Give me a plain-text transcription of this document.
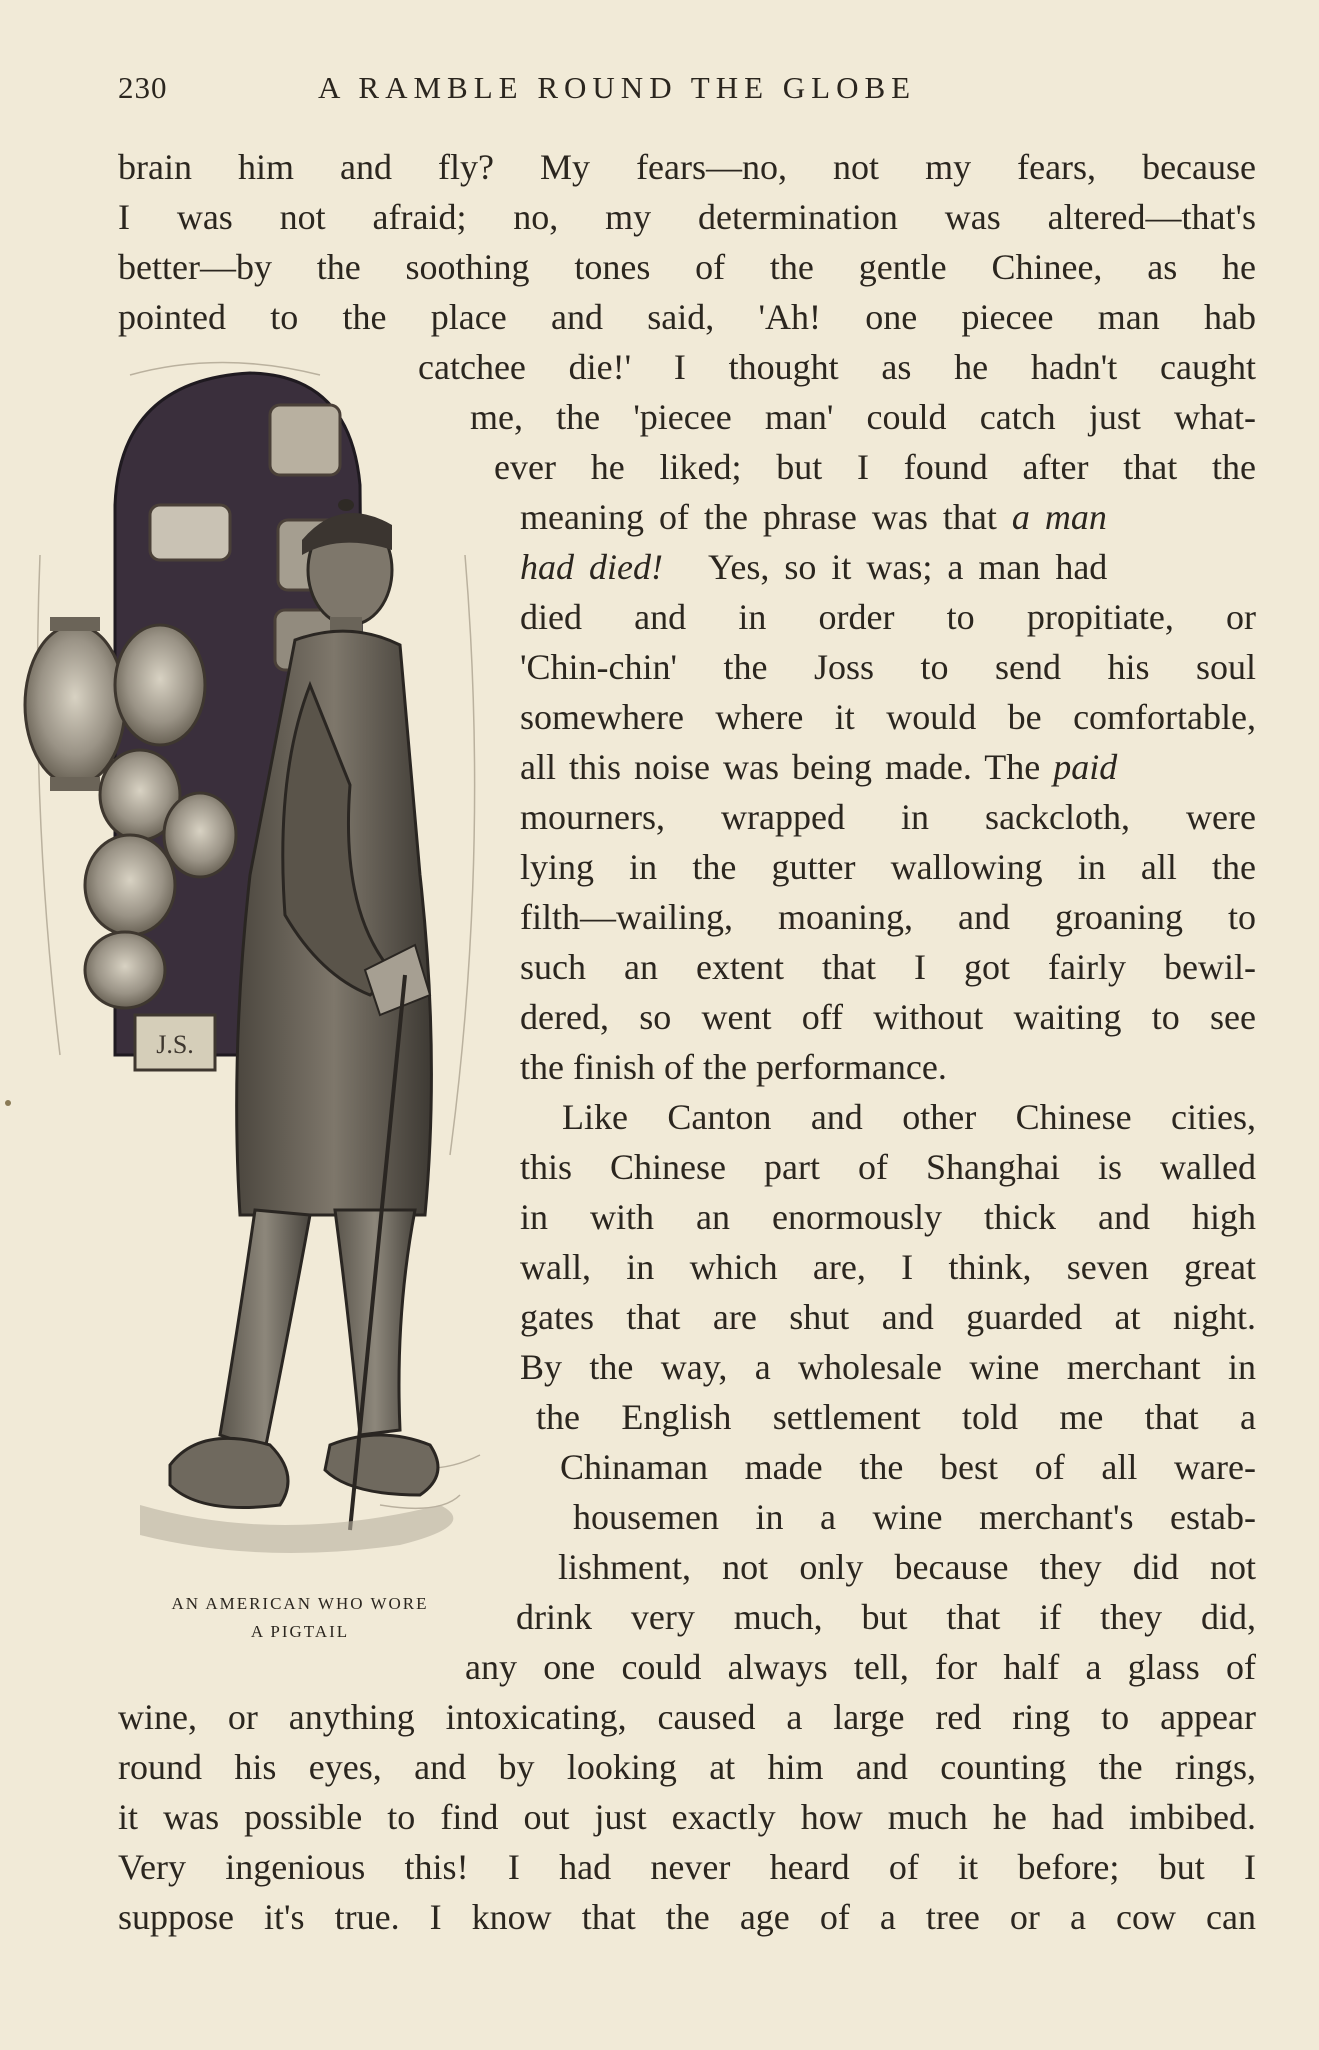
230	A RAMBLE ROUND THE GLOBE
brain him and fly? My fears—no, not my fears, because
I was not afraid; no, my determination was altered—that's
better—by the soothing tones of the gentle Chinee, as he
pointed to the place and said, 'Ah! one piecee man hab
catchee die!' I thought as he hadn't caught
me, the 'piecee man' could catch just what-
ever he liked; but I found after that the
meaning of the phrase was that a man
had died! Yes, so it was; a man had
died and in order to propitiate, or
'Chin-chin' the Joss to send his soul
somewhere where it would be comfortable,
all this noise was being made. The paid
mourners, wrapped in sackcloth, were
lying in the gutter wallowing in all the
filth—wailing, moaning, and groaning to
such an extent that I got fairly bewil-
dered, so went off without waiting to see
the finish of the performance.
Like Canton and other Chinese cities,
this Chinese part of Shanghai is walled
in with an enormously thick and high
wall, in which are, I think, seven great
gates that are shut and guarded at night.
By the way, a wholesale wine merchant in
the English settlement told me that a
Chinaman made the best of all ware-
housemen in a wine merchant's estab-
lishment, not only because they did not
drink very much, but that if they did,
any one could always tell, for half a glass of
wine, or anything intoxicating, caused a large red ring to appear
round his eyes, and by looking at him and counting the rings,
it was possible to find out just exactly how much he had imbibed.
Very ingenious this! I had never heard of it before; but I
suppose it's true. I know that the age of a tree or a cow can
J.S.
AN AMERICAN WHO WORE
A PIGTAIL
